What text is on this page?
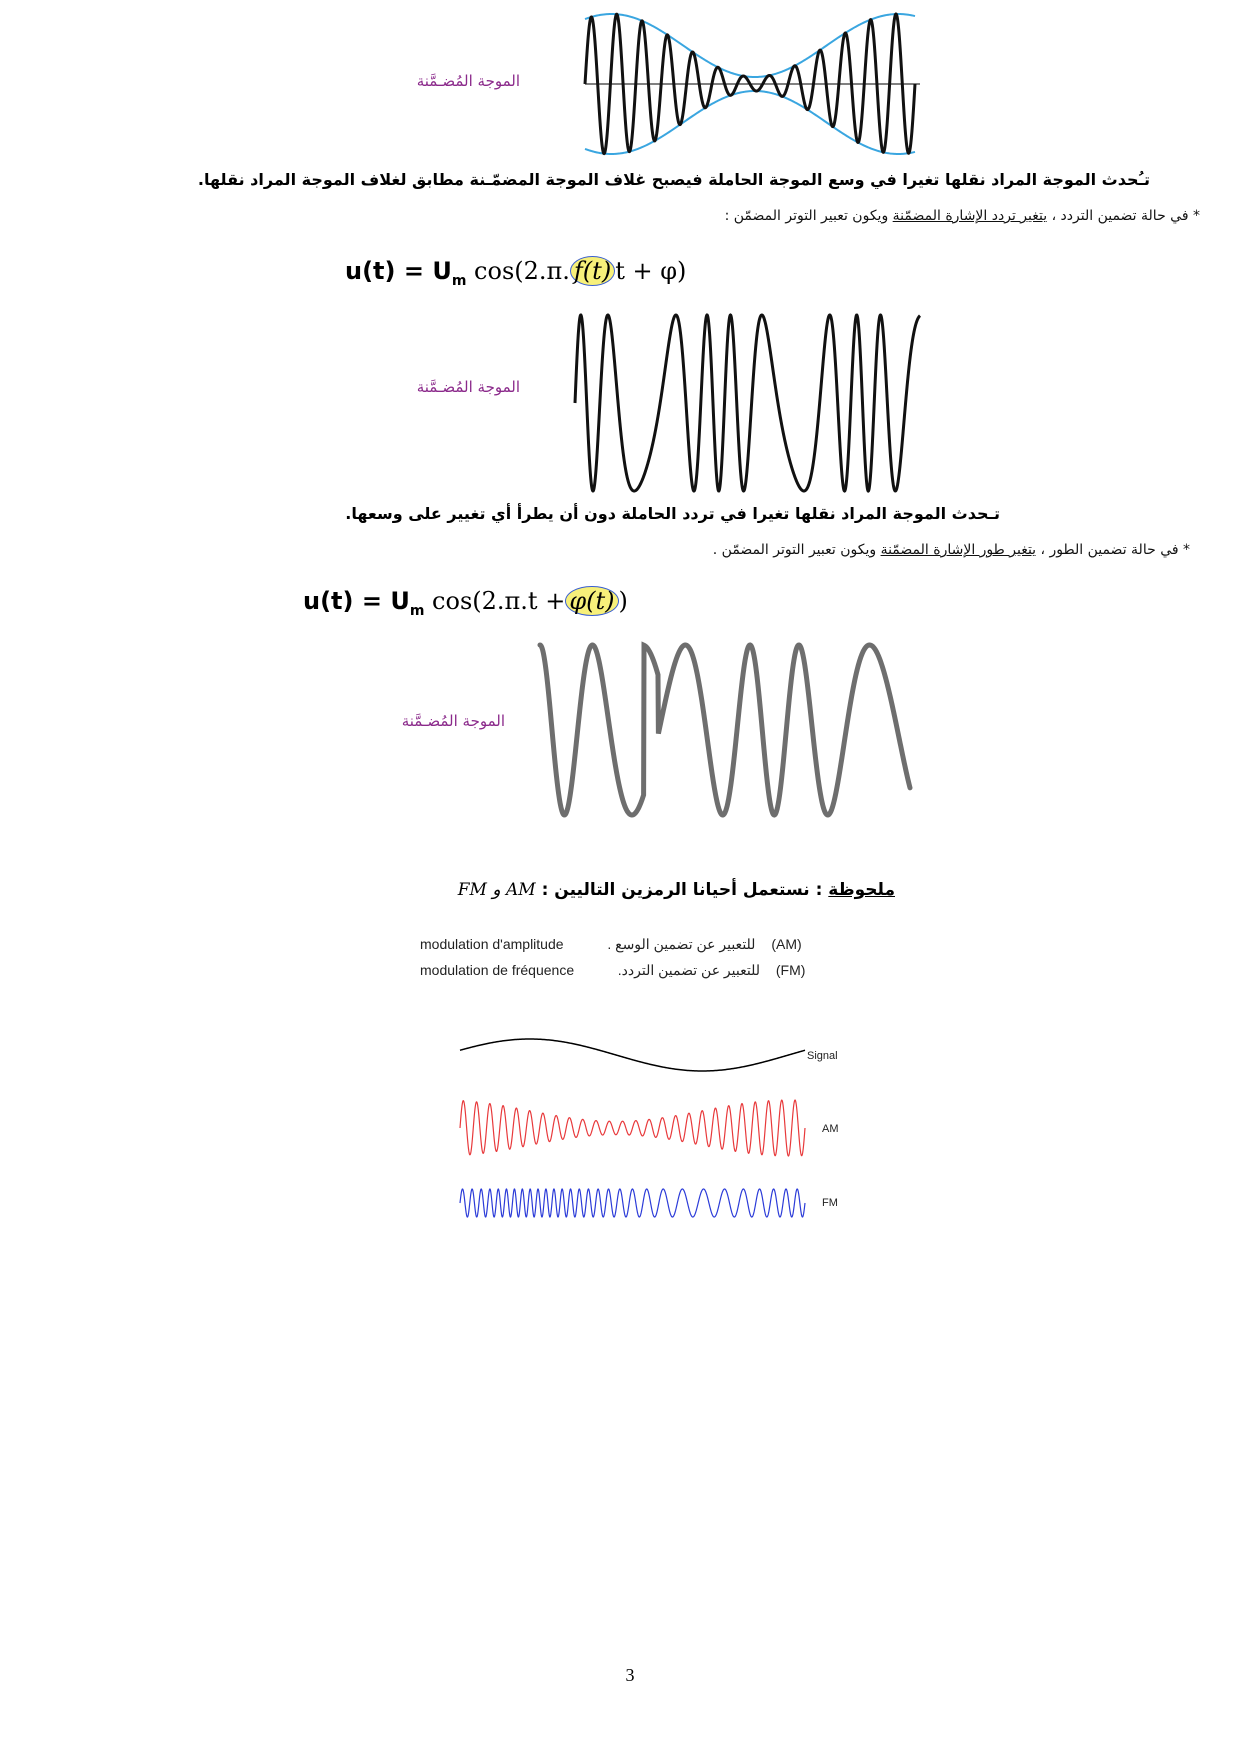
الموجة المُضـمَّنة
تـُحدث الموجة المراد نقلها تغيرا في وسع الموجة الحاملة فيصبح غلاف الموجة المضمّـنة مطابق لغلاف الموجة المراد نقلها.
* في حالة تضمين التردد ، يتغير تردد الإشارة المضمّنة ويكون تعبير التوتر المضمّن :
$u(t) = U_m$ cos(2.π. f(t) t + φ)
الموجة المُضـمَّنة
تـحدث الموجة المراد نقلها تغيرا في تردد الحاملة دون أن يطرأ أي تغيير على وسعها.
* في حالة تضمين الطور ، يتغير طور الإشارة المضمّنة ويكون تعبير التوتر المضمّن .
$u(t) = U_m$ cos(2.π.t + φ(t) )
الموجة المُضـمَّنة
ملحوظة : نستعمل أحيانا الرمزين التاليين : AM و FM
modulation d'amplitude	للتعبير عن تضمين الوسع . (AM)
modulation de fréquence	للتعبير عن تضمين التردد. (FM)
Signal
AM
FM
3
